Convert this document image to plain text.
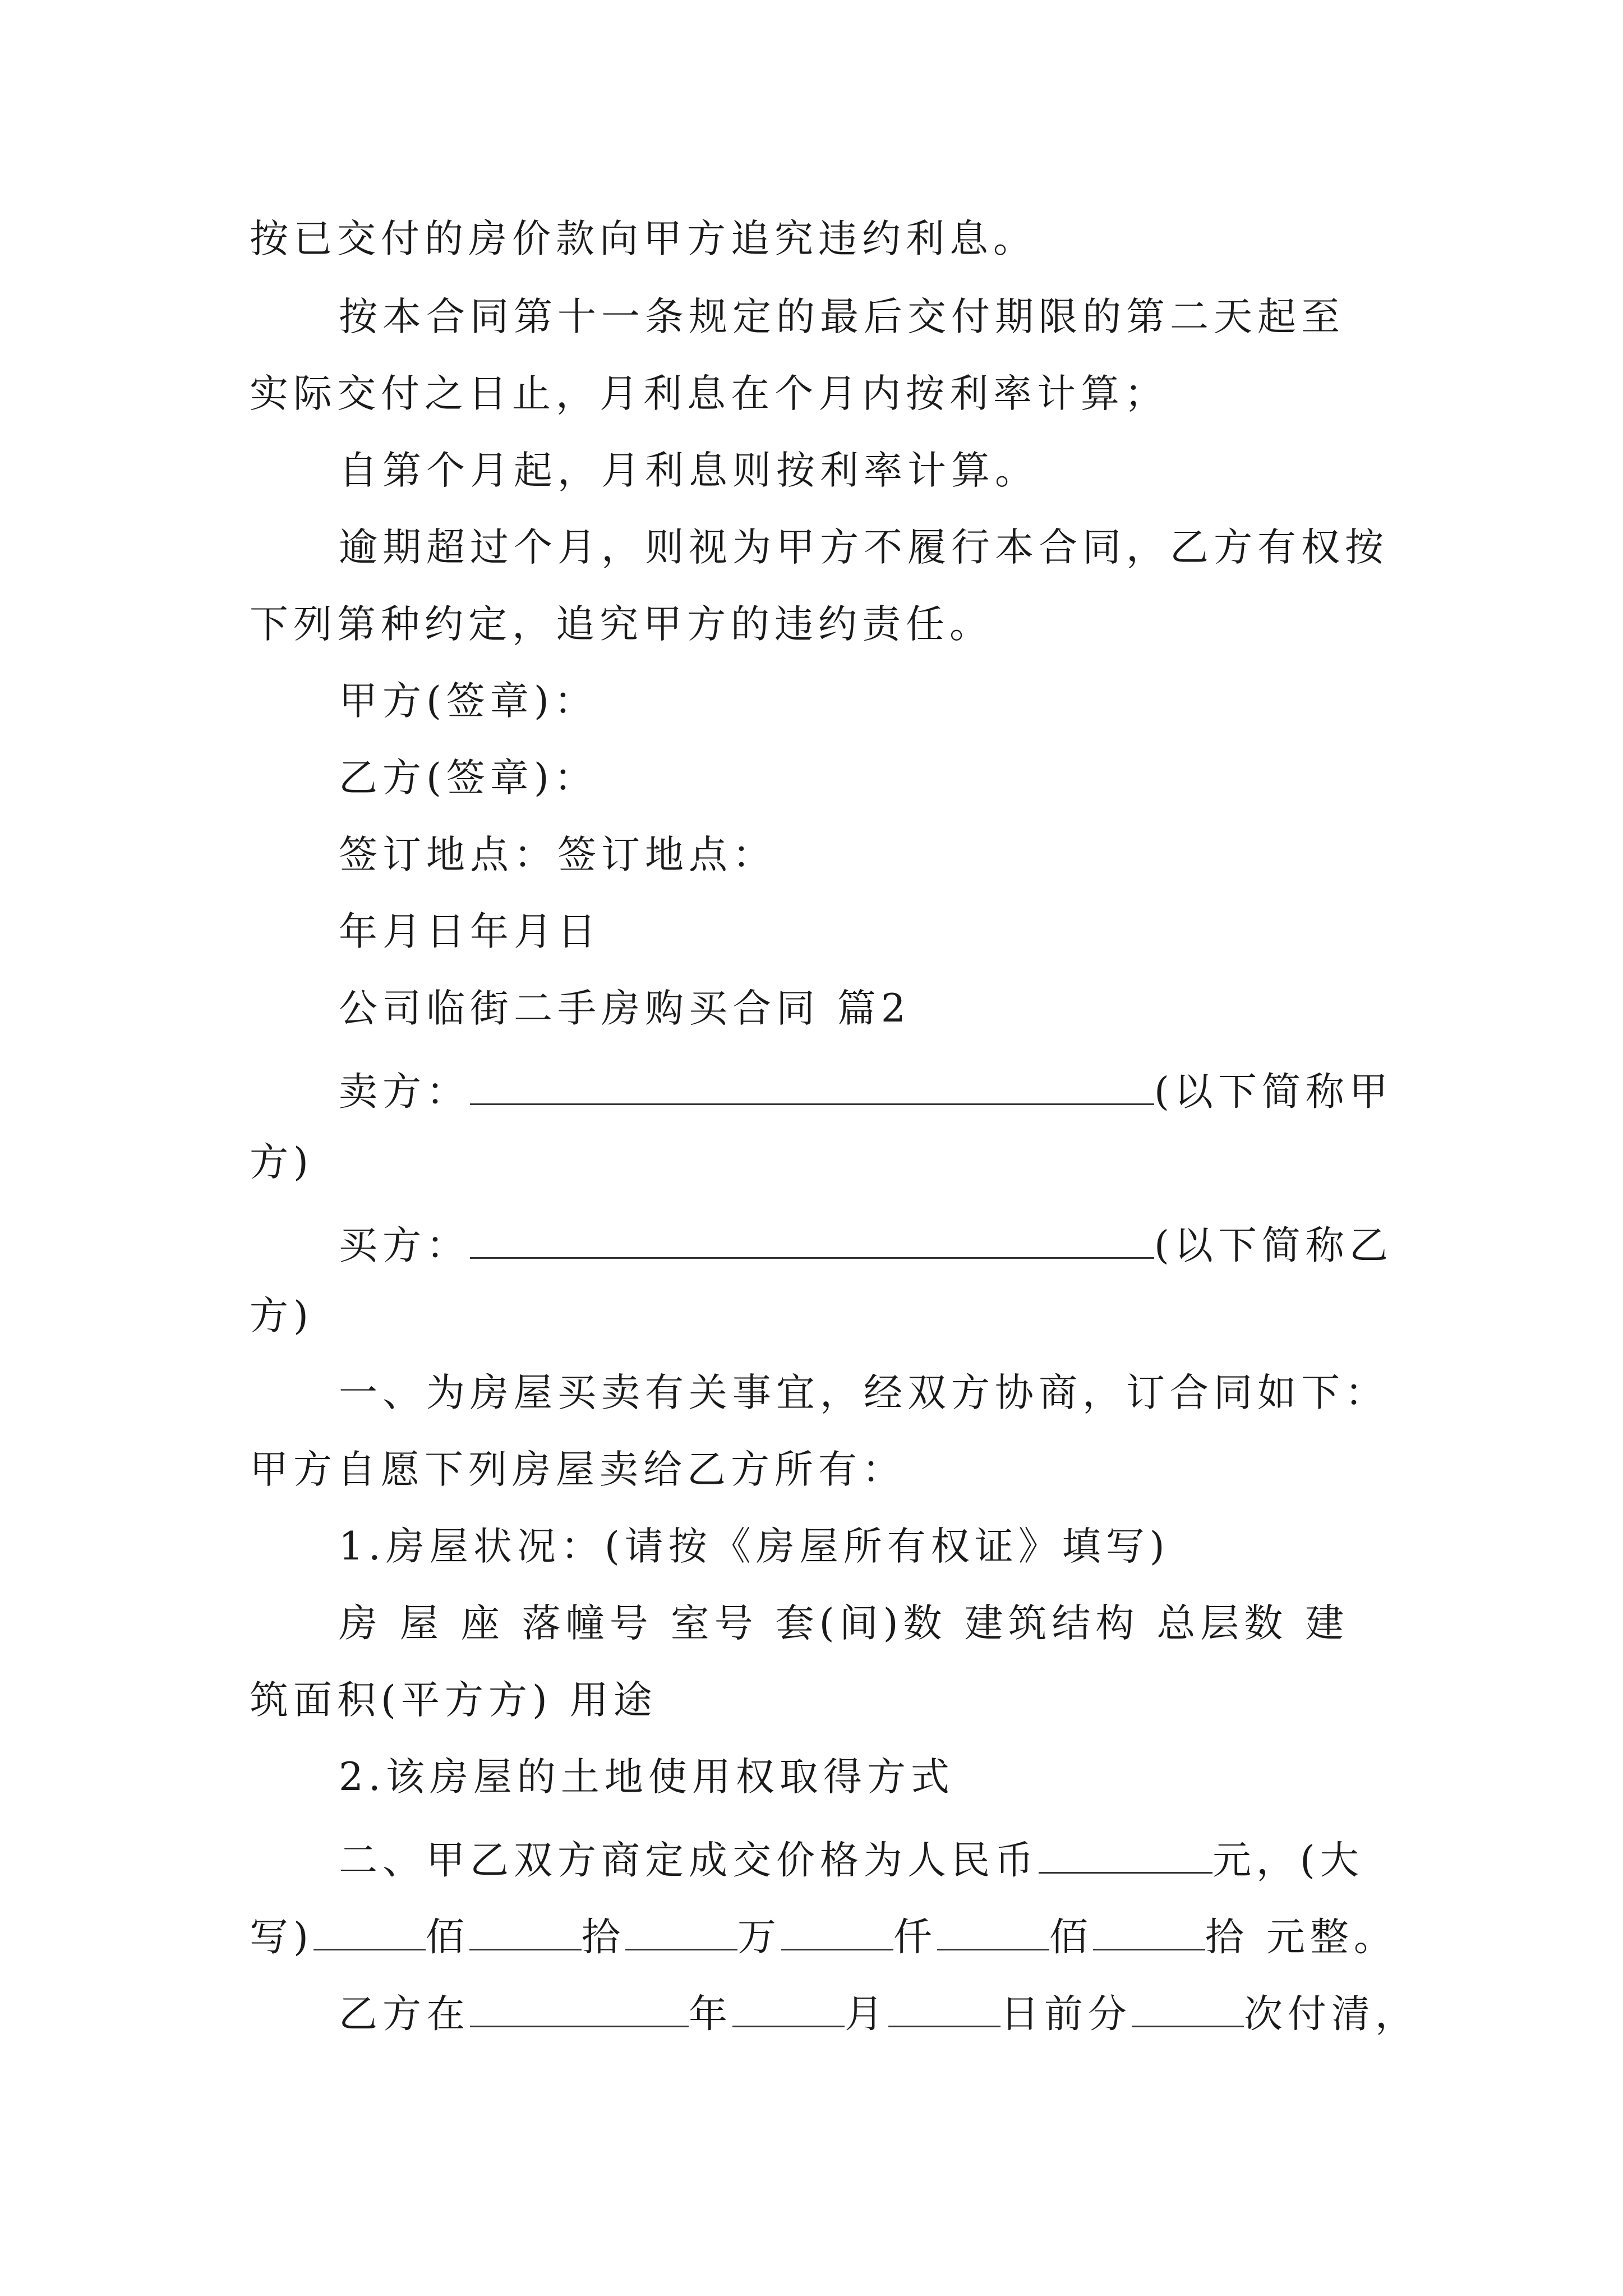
按已交付的房价款向甲方追究违约利息。
按本合同第十一条规定的最后交付期限的第二天起至
实际交付之日止，月利息在个月内按利率计算；
自第个月起，月利息则按利率计算。
逾期超过个月，则视为甲方不履行本合同，乙方有权按
下列第种约定，追究甲方的违约责任。
甲方(签章)：
乙方(签章)：
签订地点：签订地点：
年月日年月日
公司临街二手房购买合同 篇2
卖方：	(以下简称甲
方)
买方：	(以下简称乙
方)
一、为房屋买卖有关事宜，经双方协商，订合同如下：
甲方自愿下列房屋卖给乙方所有：
1.房屋状况：(请按《房屋所有权证》填写)
房 屋 座 落幢号 室号 套(间)数 建筑结构 总层数 建
筑面积(平方方) 用途
2.该房屋的土地使用权取得方式
二、甲乙双方商定成交价格为人民币	元，(大
写)	佰	拾	万	仟	佰	拾 元整。
乙方在	年	月	日前分	次付清，
